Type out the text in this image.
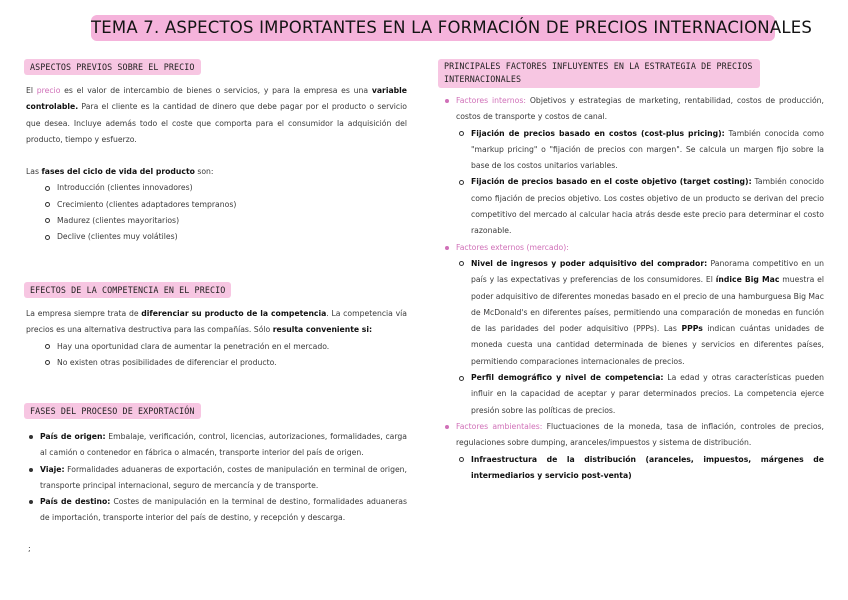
TEMA 7. ASPECTOS IMPORTANTES EN LA FORMACIÓN DE PRECIOS INTERNACIONALES
ASPECTOS PREVIOS SOBRE EL PRECIO

El precio es el valor de intercambio de bienes o servicios, y para la empresa es una variable controlable. Para el cliente es la cantidad de dinero que debe pagar por el producto o servicio que desea. Incluye además todo el coste que comporta para el consumidor la adquisición del producto, tiempo y esfuerzo.

Las fases del ciclo de vida del producto son:

Introducción (clientes innovadores)
Crecimiento (clientes adaptadores tempranos)
Madurez (clientes mayoritarios)
Declive (clientes muy volátiles)
EFECTOS DE LA COMPETENCIA EN EL PRECIO

La empresa siempre trata de diferenciar su producto de la competencia. La competencia vía precios es una alternativa destructiva para las compañías. Sólo resulta conveniente si:

Hay una oportunidad clara de aumentar la penetración en el mercado.
No existen otras posibilidades de diferenciar el producto.
FASES DEL PROCESO DE EXPORTACIÓN
País de origen: Embalaje, verificación, control, licencias, autorizaciones, formalidades, carga al camión o contenedor en fábrica o almacén, transporte interior del país de origen.
Viaje: Formalidades aduaneras de exportación, costes de manipulación en terminal de origen, transporte principal internacional, seguro de mercancía y de transporte.
País de destino: Costes de manipulación en la terminal de destino, formalidades aduaneras de importación, transporte interior del país de destino, y recepción y descarga.
;
PRINCIPALES FACTORES INFLUYENTES EN LA ESTRATEGIA DE PRECIOS INTERNACIONALES
Factores internos: Objetivos y estrategias de marketing, rentabilidad, costos de producción, costos de transporte y costos de canal.
Fijación de precios basado en costos (cost-plus pricing): También conocida como "markup pricing" o "fijación de precios con margen". Se calcula un margen fijo sobre la base de los costos unitarios variables.
Fijación de precios basado en el coste objetivo (target costing): También conocido como fijación de precios objetivo. Los costes objetivo de un producto se derivan del precio competitivo del mercado al calcular hacia atrás desde este precio para determinar el costo razonable.
Factores externos (mercado):
Nivel de ingresos y poder adquisitivo del comprador: Panorama competitivo en un país y las expectativas y preferencias de los consumidores. El índice Big Mac muestra el poder adquisitivo de diferentes monedas basado en el precio de una hamburguesa Big Mac de McDonald's en diferentes países, permitiendo una comparación de monedas en función de las paridades del poder adquisitivo (PPPs). Las PPPs indican cuántas unidades de moneda cuesta una cantidad determinada de bienes y servicios en diferentes países, permitiendo comparaciones internacionales de precios.
Perfil demográfico y nivel de competencia: La edad y otras características pueden influir en la capacidad de aceptar y parar determinados precios. La competencia ejerce presión sobre las políticas de precios.
Factores ambientales: Fluctuaciones de la moneda, tasa de inflación, controles de precios, regulaciones sobre dumping, aranceles/impuestos y sistema de distribución.
Infraestructura de la distribución (aranceles, impuestos, márgenes de intermediarios y servicio post-venta)
